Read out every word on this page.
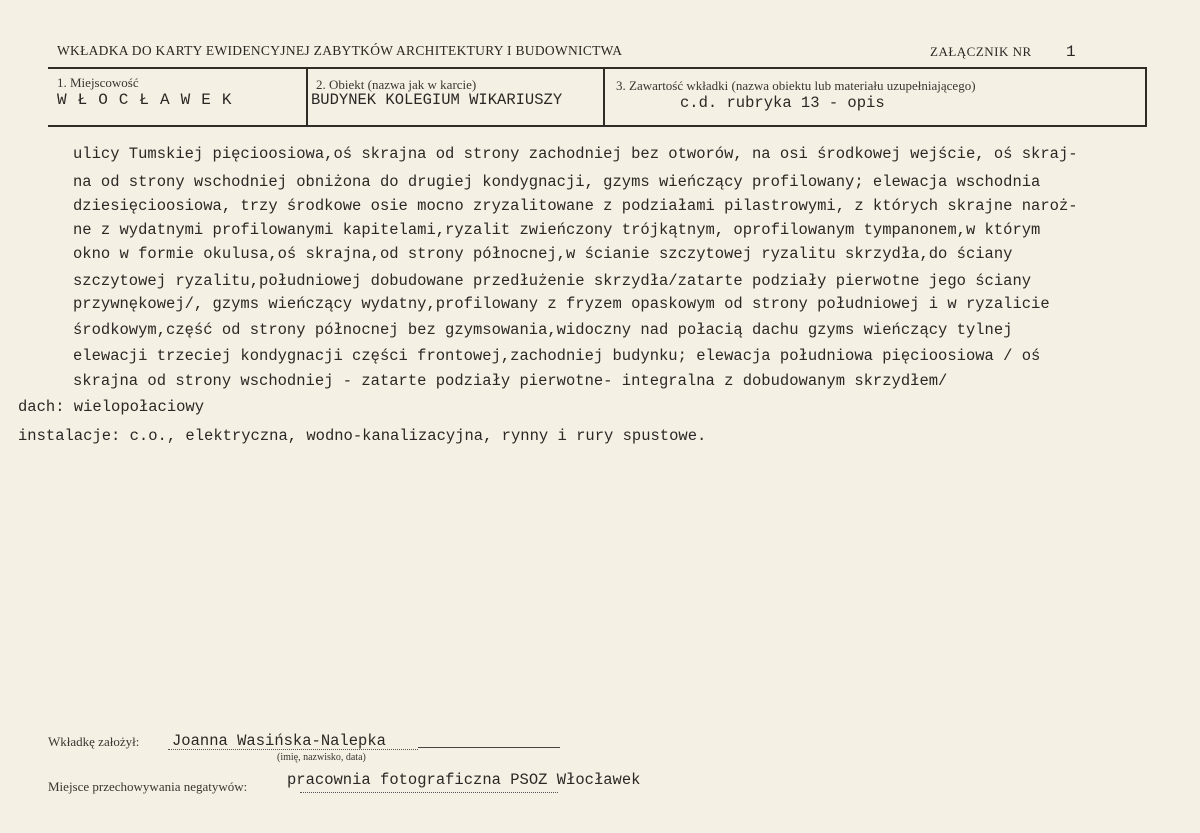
WKŁADKA DO KARTY EWIDENCYJNEJ ZABYTKÓW ARCHITEKTURY I BUDOWNICTWA	ZAŁĄCZNIK NR 1
1. Miejscowość
WŁOCŁAWEK
2. Obiekt (nazwa jak w karcie)
BUDYNEK KOLEGIUM WIKARIUSZY
3. Zawartość wkładki (nazwa obiektu lub materiału uzupełniającego)
c.d. rubryka 13 - opis
ulicy Tumskiej pięcioosiowa,oś skrajna od strony zachodniej bez otworów, na osi środkowej wejście, oś skraj-
na od strony wschodniej obniżona do drugiej kondygnacji, gzyms wieńczący profilowany; elewacja wschodnia
dziesięcioosiowa, trzy środkowe osie mocno zryzalitowane z podziałami pilastrowymi, z których skrajne naroż-
ne z wydatnymi profilowanymi kapitelami,ryzalit zwieńczony trójkątnym, oprofilowanym tympanonem,w którym
okno w formie okulusa,oś skrajna,od strony północnej,w ścianie szczytowej ryzalitu skrzydła,do ściany
szczytowej ryzalitu,południowej dobudowane przedłużenie skrzydła/zatarte podziały pierwotne jego ściany
przywnękowej/, gzyms wieńczący wydatny,profilowany z fryzem opaskowym od strony południowej i w ryzalicie
środkowym,część od strony północnej bez gzymsowania,widoczny nad połacią dachu gzyms wieńczący tylnej
elewacji trzeciej kondygnacji części frontowej,zachodniej budynku; elewacja południowa pięcioosiowa / oś
skrajna od strony wschodniej - zatarte podziały pierwotne- integralna z dobudowanym skrzydłem/
dach: wielopołaciowy
instalacje: c.o., elektryczna, wodno-kanalizacyjna, rynny i rury spustowe.
Wkładkę założył: Joanna Wasińska-Nalepka
(imię, nazwisko, data)
Miejsce przechowywania negatywów:	pracownia fotograficzna PSOZ Włocławek
